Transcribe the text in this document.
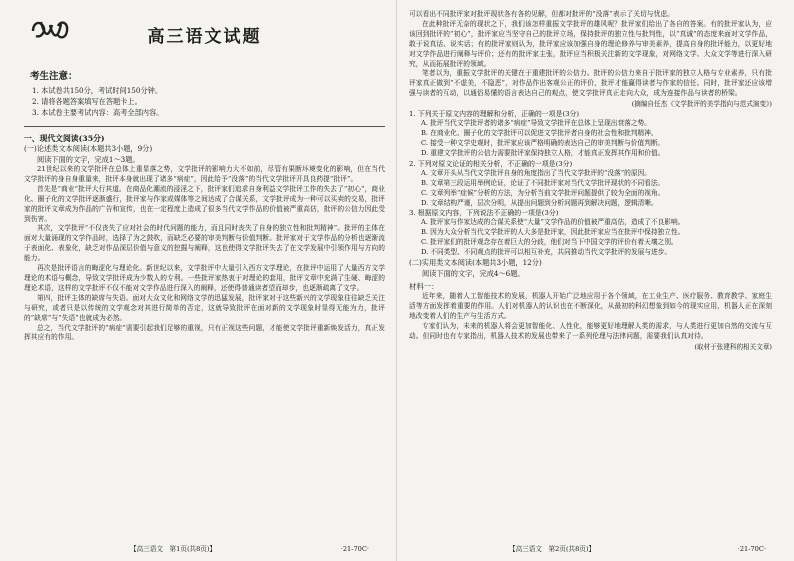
高三语文试题
考生注意：
1. 本试卷共150分，考试时间150分钟。
2. 请将各题答案填写在答题卡上。
3. 本试卷主要考试内容：高考全部内容。
一、现代文阅读(35分)
(一)论述类文本阅读(本题共3小题，9分)
阅读下面的文字，完成1～3题。

21世纪以来的文学批评在总体上重显落之势，文学批评的影响力大不如前，尽管有果断坏境变化的影响，但在当代文学批评的身自身重量来，批评本身就出现了诸多“病症”，因此给予“没落”的当代文学批评开具良药提“批评”。

首先是“商业”批评大行其道。在商品化潮流的浸淫之下，批评家们追求自身利益文学批评工作的失去了“初心”，商业化、圈子化的文学批评逐渐盛行，批评家与作家或媒体等之间达成了合谋关系，文学批评成为一种可以买卖的交易，批评家的批评文章成为作品的广告和宣传，也在一定程度上造成了很多当代文学作品的价值被严重高估，批评的公信力因此受到伤害。

其次，文学批评“不仅丧失了应对社会的时代问题的能力，而且同时丧失了自身的独立性和批判精神”。批评的主体在面对大量涌现的文学作品时，选择了为之鼓吹，而缺乏必要的审美判断与价值判断。批评家对于文学作品的分析也逐渐流于表面化、表象化，缺乏对作品深层价值与意义的挖掘与阐释，这也使得文学批评失去了在文学发展中引领作用与方向的能力。

再次是批评语言的晦涩化与理论化。新世纪以来，文学批评中大量引入西方文学理论，在批评中运用了大量西方文学理论的术语与概念，导致文学批评成为少数人的专利。一些批评家热衷于对理论的套用，批评文章中充满了生硬、晦涩的理论术语，这样的文学批评不仅不能对文学作品进行深入的阐释，还使得普通读者望而却步，也逐渐疏离了文学。

第四，批评主体的缺席与失语。面对大众文化和网络文学的迅猛发展，批评家对于这些新兴的文学现象往往缺乏关注与研究，或者只是以传统的文学观念对其进行简单的否定，这就导致批评在面对新的文学现象时显得无能为力，批评的“缺席”与“失语”也就成为必然。

总之，当代文学批评的“病症”需要引起我们足够的重视，只有正视这些问题，才能使文学批评重新焕发活力，真正发挥其应有的作用。

【高三语文　第1页(共8页)】	·21-70C·

可以看出不同批评家对批评现状各有各的见解，但都对批评的“没落”表示了关切与忧虑。

在此种批评无奈的现状之下，我们该怎样重振文学批评的雄风呢？批评家们给出了各自的答案。有的批评家认为，应该回到批评的“初心”，批评家应当坚守自己的批评立场，保持批评的独立性与批判性，以“真诚”的态度来面对文学作品，敢于说真话、说实话；有的批评家则认为，批评家应该加强自身的理论修养与审美素养，提高自身的批评能力，以更好地对文学作品进行阐释与评价；还有的批评家主张，批评应当积极关注新的文学现象，对网络文学、大众文学等进行深入研究，从而拓展批评的领域。

笔者以为，重振文学批评的关键在于重建批评的公信力。批评的公信力来自于批评家的独立人格与专业素养，只有批评家真正做到“不虚美，不隐恶”，对作品作出客观公正的评价，批评才能赢得读者与作家的信任。同时，批评家还应该增强与读者的互动，以通俗易懂的语言表达自己的观点，使文学批评真正走向大众，成为连接作品与读者的桥梁。

(摘编自任杰《文学批评的美学指向与范式演变》)

1. 下列关于原文内容的理解和分析，正确的一项是(3分)

A. 批评当代文学批评者的诸多“病症”导致文学批评在总体上呈现出衰落之势。

B. 在商业化、圈子化的文学批评可以促进文学批评者自身的社会性和批判精神。

C. 接受一种文学史观时，批评家应该严格明确的表达自己的审美判断与价值判断。

D. 重建文学批评的公信力需要批评家保持独立人格，才能真正发挥其作用和价值。

2. 下列对原文论证的相关分析，不正确的一项是(3分)

A. 文章开头从当代文学批评自身的角度指出了当代文学批评的“没落”的原因。

B. 文章第三段运用举例论证，论证了不同批评家对当代文学批评现状的不同看法。

C. 文章列举“症候”分析的方法，为分析当前文学批评问题提供了较为全面的视角。

D. 文章结构严谨，层次分明，从提出问题到分析问题再到解决问题，逻辑清晰。

3. 根据原文内容，下列说法不正确的一项是(3分)

A. 批评家与作家达成的合谋关系使“大量”文学作品的价值被严重高估，造成了不良影响。

B. 因为大众分析当代文学批评的人大多是批评家，因此批评家应当在批评中保持独立性。

C. 批评家们的批评观念存在着巨大的分歧，他们对当下中国文学的评价有着天壤之别。

D. 不同类型、不同观点的批评可以相互补充，共同推动当代文学批评的发展与进步。

(二)实用类文本阅读(本题共3小题，12分)
阅读下面的文字，完成4～6题。
材料一：

近年来，随着人工智能技术的发展，机器人开始广泛地应用于各个领域，在工业生产、医疗服务、教育教学、家庭生活等方面发挥着重要的作用。人们对机器人的认识也在不断深化，从最初的科幻想象到如今的现实应用，机器人正在深刻地改变着人们的生产与生活方式。

专家们认为，未来的机器人将会更加智能化、人性化，能够更好地理解人类的需求，与人类进行更加自然的交流与互动。但同时也有专家指出，机器人技术的发展也带来了一系列伦理与法律问题，需要我们认真对待。

(取材于张建科的相关文章)
【高三语文　第2页(共8页)】	·21-70C·
